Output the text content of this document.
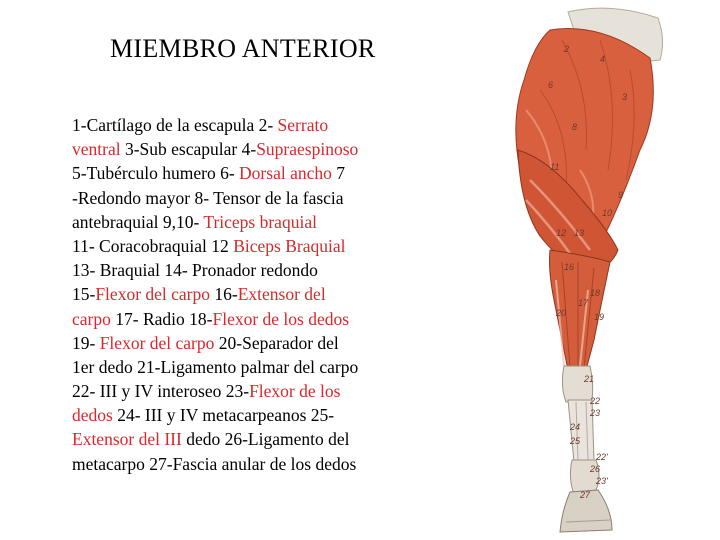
MIEMBRO ANTERIOR
1-Cartílago de la escapula 2- Serrato
ventral 3-Sub escapular 4-Supraespinoso
5-Tubérculo humero 6- Dorsal ancho 7
-Redondo mayor 8- Tensor de la fascia
antebraquial 9,10- Triceps braquial
11- Coracobraquial 12 Biceps Braquial
13- Braquial 14- Pronador redondo
15-Flexor del carpo 16-Extensor del
carpo 17- Radio 18-Flexor de los dedos
19- Flexor del carpo 20-Separador del
1er dedo 21-Ligamento palmar del carpo
22- III y IV interoseo 23-Flexor de los
dedos 24- III y IV metacarpeanos 25-
Extensor del III dedo 26-Ligamento del
metacarpo 27-Fascia anular de los dedos
2
4
6
3
8
9
10
11
12 13
16
17
18
19
20
21
22
23
24
25
26
27
22'
23'
